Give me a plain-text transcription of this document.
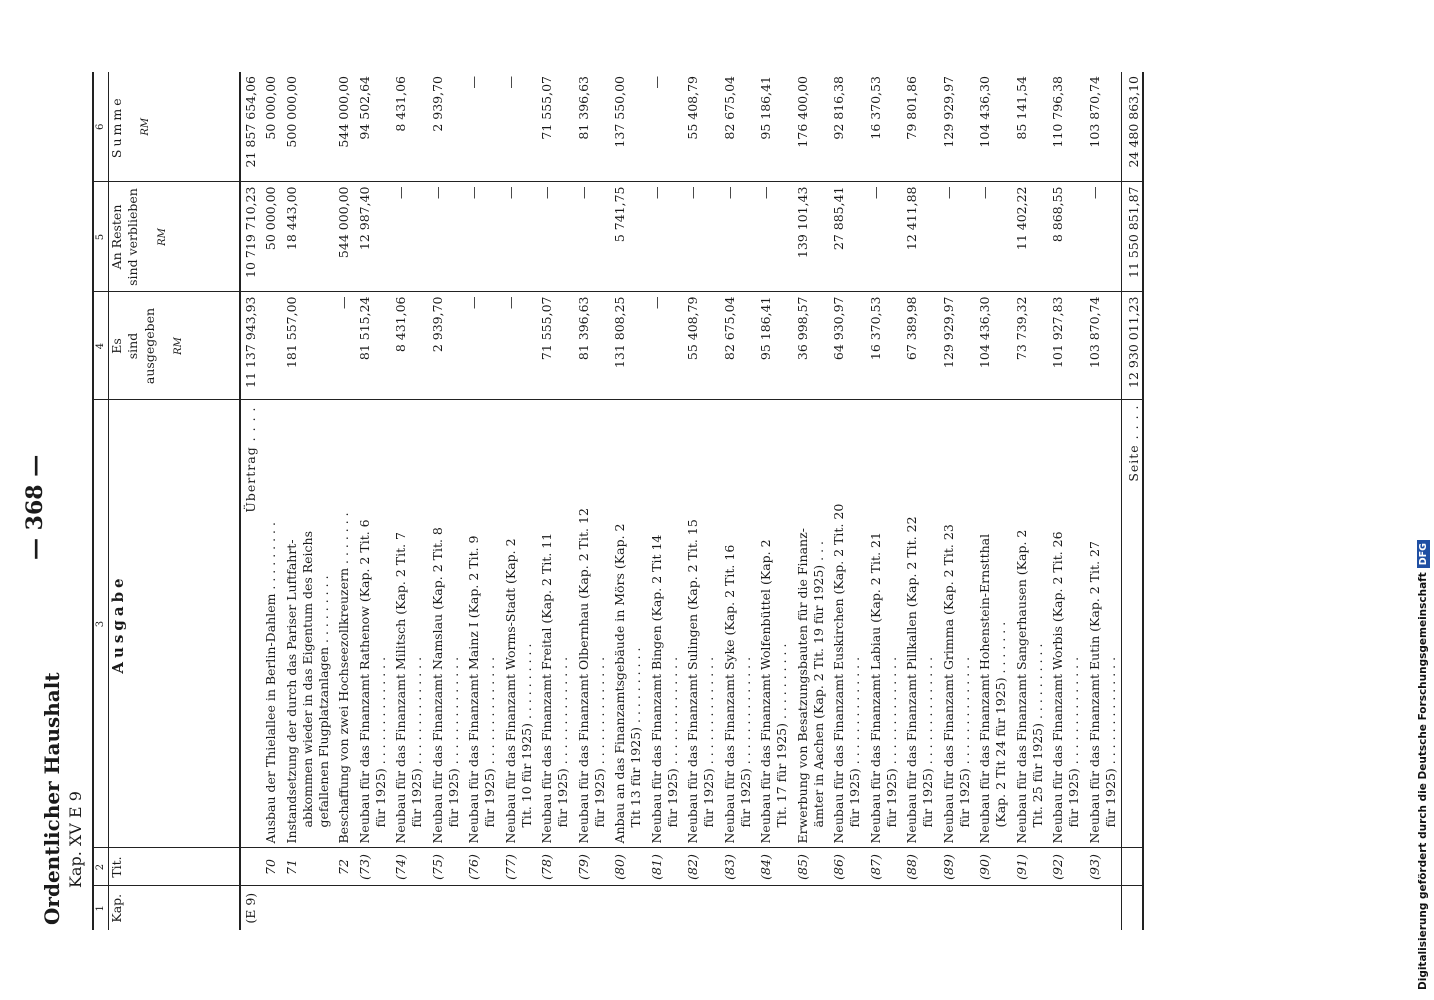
— 368 —
Ordentlicher Haushalt Kap. XV E 9
1	2	3	4	5	6
Kap.	Tit.	Ausgabe	Es sind ausgegeben RM	An Resten sind verblieben RM	Summe RM

(E 9)		Übertrag . . . .	11 137 943,93	10 719 710,23	21 857 654,06
	70	Ausbau der Thielallee in Berlin-Dahlem . . . . . . . . .		50 000,00	50 000,00
	71	Instandsetzung der durch das Pariser Luftfahrt- abkommen wieder in das Eigentum des Reichs gefallenen Flugplatzanlagen . . . . . . . . .	181 557,00	18 443,00	500 000,00
	72	Beschaffung von zwei Hochseezollkreuzern . . . . . . .	—	544 000,00	544 000,00
	(73)	Neubau für das Finanzamt Rathenow (Kap. 2 Tit. 6 für 1925) . . . . . . . . . . . . . .	81 515,24	12 987,40	94 502,64
	(74)	Neubau für das Finanzamt Militsch (Kap. 2 Tit. 7 für 1925) . . . . . . . . . . . . . .	8 431,06	—	8 431,06
	(75)	Neubau für das Finanzamt Namslau (Kap. 2 Tit. 8 für 1925) . . . . . . . . . . . . . .	2 939,70	—	2 939,70
	(76)	Neubau für das Finanzamt Mainz I (Kap. 2 Tit. 9 für 1925) . . . . . . . . . . . . . .	—	—	—
	(77)	Neubau für das Finanzamt Worms-Stadt (Kap. 2 Tit. 10 für 1925) . . . . . . . . . .	—	—	—
	(78)	Neubau für das Finanzamt Freital (Kap. 2 Tit. 11 für 1925) . . . . . . . . . . . . . .	71 555,07	—	71 555,07
	(79)	Neubau für das Finanzamt Olbernhau (Kap. 2 Tit. 12 für 1925) . . . . . . . . . . . . . .	81 396,63	—	81 396,63
	(80)	Anbau an das Finanzamtsgebäude in Mörs (Kap. 2 Tit 13 für 1925) . . . . . . . . . .	131 808,25	5 741,75	137 550,00
	(81)	Neubau für das Finanzamt Bingen (Kap. 2 Tit 14 für 1925) . . . . . . . . . . . . . .	—	—	—
	(82)	Neubau für das Finanzamt Sulingen (Kap. 2 Tit. 15 für 1925) . . . . . . . . . . . . . .	55 408,79	—	55 408,79
	(83)	Neubau für das Finanzamt Syke (Kap. 2 Tit. 16 für 1925) . . . . . . . . . . . . . .	82 675,04	—	82 675,04
	(84)	Neubau für das Finanzamt Wolfenbüttel (Kap. 2 Tit. 17 für 1925) . . . . . . . . . .	95 186,41	—	95 186,41
	(85)	Erwerbung von Besatzungsbauten für die Finanz- ämter in Aachen (Kap. 2 Tit. 19 für 1925) . . .	36 998,57	139 101,43	176 400,00
	(86)	Neubau für das Finanzamt Euskirchen (Kap. 2 Tit. 20 für 1925) . . . . . . . . . . . . . .	64 930,97	27 885,41	92 816,38
	(87)	Neubau für das Finanzamt Labiau (Kap. 2 Tit. 21 für 1925) . . . . . . . . . . . . . .	16 370,53	—	16 370,53
	(88)	Neubau für das Finanzamt Pillkallen (Kap. 2 Tit. 22 für 1925) . . . . . . . . . . . . . .	67 389,98	12 411,88	79 801,86
	(89)	Neubau für das Finanzamt Grimma (Kap. 2 Tit. 23 für 1925) . . . . . . . . . . . . . .	129 929,97	—	129 929,97
	(90)	Neubau für das Finanzamt Hohenstein-Ernstthal (Kap. 2 Tit 24 für 1925) . . . . . . .	104 436,30	—	104 436,30
	(91)	Neubau für das Finanzamt Sangerhausen (Kap. 2 Tit. 25 für 1925) . . . . . . . . . .	73 739,32	11 402,22	85 141,54
	(92)	Neubau für das Finanzamt Worbis (Kap. 2 Tit. 26 für 1925) . . . . . . . . . . . . . .	101 927,83	8 868,55	110 796,38
	(93)	Neubau für das Finanzamt Eutin (Kap. 2 Tit. 27 für 1925) . . . . . . . . . . . . . .	103 870,74	—	103 870,74
		Seite . . . .	12 930 011,23	11 550 851,87	24 480 863,10
Digitalisierung gefördert durch die Deutsche ForschungsgemeinschaftDFG
